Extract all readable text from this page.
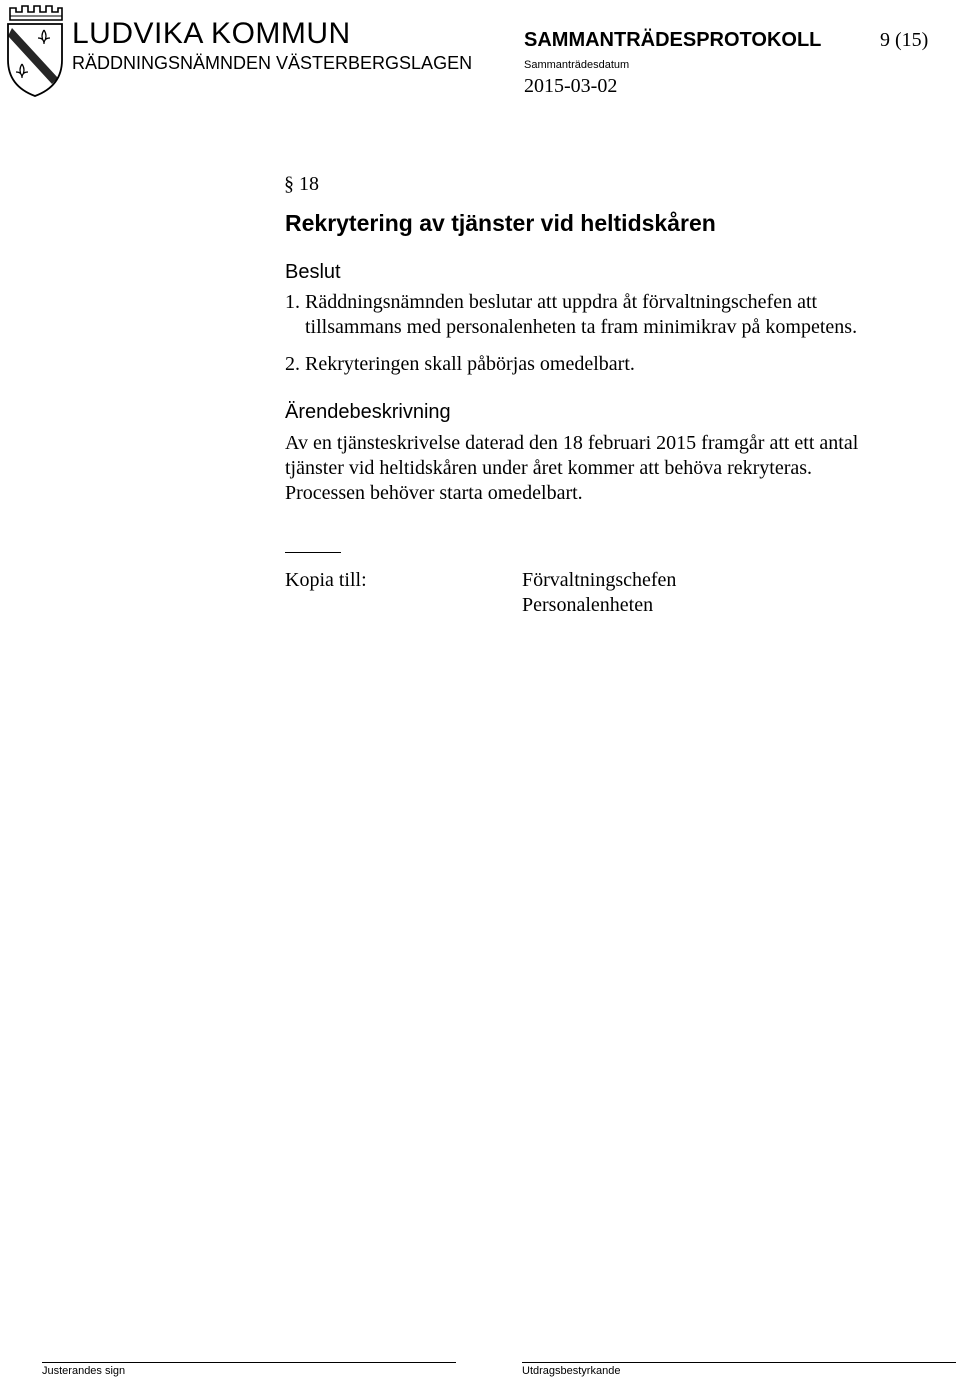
LUDVIKA KOMMUN
RÄDDNINGSNÄMNDEN VÄSTERBERGSLAGEN
SAMMANTRÄDESPROTOKOLL	9 (15)
Sammanträdesdatum
2015-03-02
§ 18
Rekrytering av tjänster vid heltidskåren
Beslut
1. Räddningsnämnden beslutar att uppdra åt förvaltningschefen att
tillsammans med personalenheten ta fram minimikrav på kompetens.
2. Rekryteringen skall påbörjas omedelbart.
Ärendebeskrivning
Av en tjänsteskrivelse daterad den 18 februari 2015 framgår att ett antal
tjänster vid heltidskåren under året kommer att behöva rekryteras.
Processen behöver starta omedelbart.
Kopia till:	Förvaltningschefen
Personalenheten
Justerandes sign	Utdragsbestyrkande
